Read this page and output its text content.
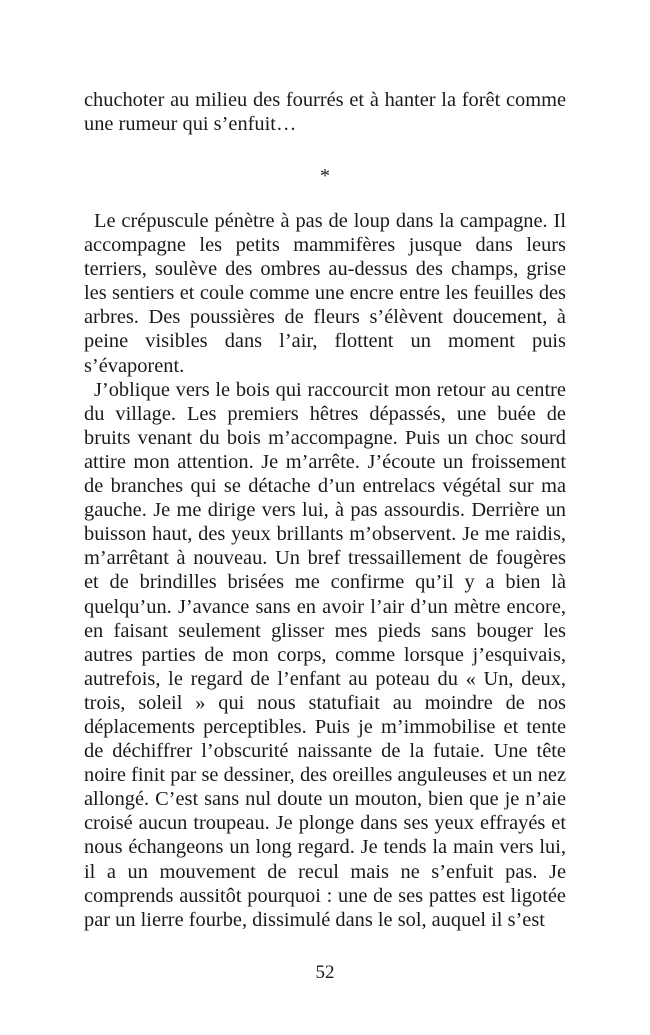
chuchoter au milieu des fourrés et à hanter la forêt comme une rumeur qui s’enfuit…
*

Le crépuscule pénètre à pas de loup dans la campagne. Il accompagne les petits mammifères jusque dans leurs terriers, soulève des ombres au-dessus des champs, grise les sentiers et coule comme une encre entre les feuilles des arbres. Des poussières de fleurs s’élèvent doucement, à peine visibles dans l’air, flottent un moment puis s’évaporent.

J’oblique vers le bois qui raccourcit mon retour au centre du village. Les premiers hêtres dépassés, une buée de bruits venant du bois m’accompagne. Puis un choc sourd attire mon attention. Je m’arrête. J’écoute un froissement de branches qui se détache d’un entrelacs végétal sur ma gauche. Je me dirige vers lui, à pas assourdis. Derrière un buisson haut, des yeux brillants m’observent. Je me raidis, m’arrêtant à nouveau. Un bref tressaillement de fougères et de brindilles brisées me confirme qu’il y a bien là quelqu’un. J’avance sans en avoir l’air d’un mètre encore, en faisant seulement glisser mes pieds sans bouger les autres parties de mon corps, comme lorsque j’esquivais, autrefois, le regard de l’enfant au poteau du « Un, deux, trois, soleil » qui nous statufiait au moindre de nos déplacements perceptibles. Puis je m’immobilise et tente de déchiffrer l’obscurité naissante de la futaie. Une tête noire finit par se dessiner, des oreilles anguleuses et un nez allongé. C’est sans nul doute un mouton, bien que je n’aie croisé aucun troupeau. Je plonge dans ses yeux effrayés et nous échangeons un long regard. Je tends la main vers lui, il a un mouvement de recul mais ne s’enfuit pas. Je comprends aussitôt pourquoi : une de ses pattes est ligotée par un lierre fourbe, dissimulé dans le sol, auquel il s’est

52
